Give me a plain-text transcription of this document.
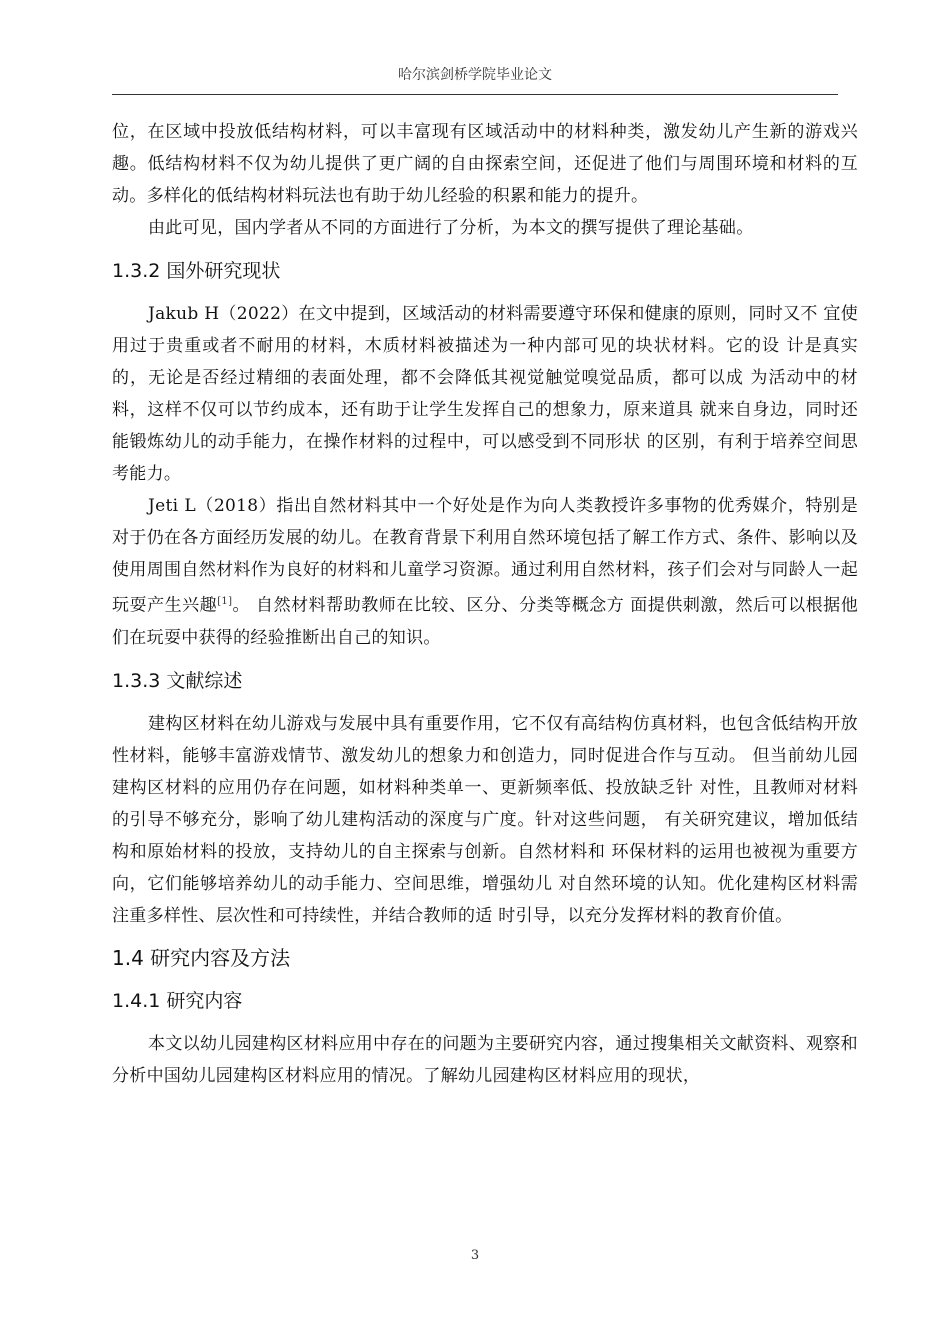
哈尔滨剑桥学院毕业论文

位，在区域中投放低结构材料，可以丰富现有区域活动中的材料种类，激发幼儿产生新的游戏兴趣。低结构材料不仅为幼儿提供了更广阔的自由探索空间，还促进了他们与周围环境和材料的互动。多样化的低结构材料玩法也有助于幼儿经验的积累和能力的提升。

由此可见，国内学者从不同的方面进行了分析，为本文的撰写提供了理论基础。

1.3.2 国外研究现状

Jakub H（2022）在文中提到，区域活动的材料需要遵守环保和健康的原则，同时又不 宜使用过于贵重或者不耐用的材料，木质材料被描述为一种内部可见的块状材料。它的设 计是真实的，无论是否经过精细的表面处理，都不会降低其视觉触觉嗅觉品质，都可以成 为活动中的材料，这样不仅可以节约成本，还有助于让学生发挥自己的想象力，原来道具 就来自身边，同时还能锻炼幼儿的动手能力，在操作材料的过程中，可以感受到不同形状 的区别，有利于培养空间思考能力。

Jeti L（2018）指出自然材料其中一个好处是作为向人类教授许多事物的优秀媒介，特别是对于仍在各方面经历发展的幼儿。在教育背景下利用自然环境包括了解工作方式、条件、影响以及使用周围自然材料作为良好的材料和儿童学习资源。通过利用自然材料，孩子们会对与同龄人一起玩耍产生兴趣[1]。 自然材料帮助教师在比较、区分、分类等概念方 面提供刺激，然后可以根据他们在玩耍中获得的经验推断出自己的知识。

1.3.3 文献综述

建构区材料在幼儿游戏与发展中具有重要作用，它不仅有高结构仿真材料，也包含低结构开放性材料，能够丰富游戏情节、激发幼儿的想象力和创造力，同时促进合作与互动。 但当前幼儿园建构区材料的应用仍存在问题，如材料种类单一、更新频率低、投放缺乏针 对性，且教师对材料的引导不够充分，影响了幼儿建构活动的深度与广度。针对这些问题， 有关研究建议，增加低结构和原始材料的投放，支持幼儿的自主探索与创新。自然材料和 环保材料的运用也被视为重要方向，它们能够培养幼儿的动手能力、空间思维，增强幼儿 对自然环境的认知。优化建构区材料需注重多样性、层次性和可持续性，并结合教师的适 时引导，以充分发挥材料的教育价值。

1.4 研究内容及方法
1.4.1 研究内容

本文以幼儿园建构区材料应用中存在的问题为主要研究内容，通过搜集相关文献资料、观察和分析中国幼儿园建构区材料应用的情况。了解幼儿园建构区材料应用的现状，

3
